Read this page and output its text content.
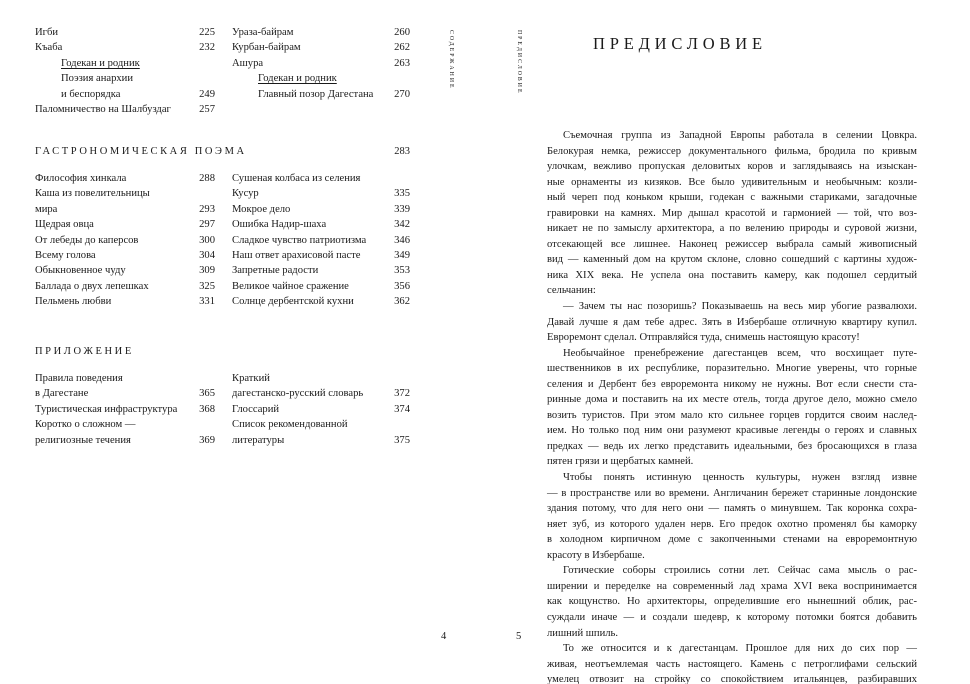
Игби	225
Къаба	232
Годекан и родник
Поэзия анархии
и беспорядка	249
Паломничество на Шалбуздаг	257
Ураза-байрам	260
Курбан-байрам	262
Ашура	263
Годекан и родник
Главный позор Дагестана 270
ГАСТРОНОМИЧЕСКАЯ ПОЭМА	283
Философия хинкала	288
Каша из повелительницы
мира	293
Щедрая овца	297
От лебеды до каперсов	300
Всему голова	304
Обыкновенное чуду	309
Баллада о двух лепешках	325
Пельмень любви	331
Сушеная колбаса из селения
Кусур	335
Мокрое дело	339
Ошибка Надир-шаха	342
Сладкое чувство патриотизма	346
Наш ответ арахисовой пасте	349
Запретные радости	353
Великое чайное сражение	356
Солнце дербентской кухни	362
ПРИЛОЖЕНИЕ
Правила поведения
в Дагестане	365
Туристическая инфраструктура 368
Коротко о сложном —
религиозные течения	369
Краткий
дагестанско-русский словарь	372
Глоссарий	374
Список рекомендованной
литературы	375
СОДЕРЖАНИЕ
4
ПРЕДИСЛОВИЕ	ПРЕДИСЛОВИЕ
Съемочная группа из Западной Европы работала в селении Цовкра.
Белокурая немка, режиссер документального фильма, бродила по кривым
улочкам, вежливо пропуская деловитых коров и заглядываясь на изыскан-
ные орнаменты из кизяков. Все было удивительным и необычным: козли-
ный череп под коньком крыши, годекан с важными стариками, загадочные
гравировки на камнях. Мир дышал красотой и гармонией — той, что воз-
никает не по замыслу архитектора, а по велению природы и суровой жизни,
отсекающей все лишнее. Наконец режиссер выбрала самый живописный
вид — каменный дом на крутом склоне, словно сошедший с картины худож-
ника XIX века. Не успела она поставить камеру, как подошел сердитый
сельчанин:
— Зачем ты нас позоришь? Показываешь на весь мир убогие развалюхи.
Давай лучше я дам тебе адрес. Зять в Избербаше отличную квартиру купил.
Евроремонт сделал. Отправляйся туда, снимешь настоящую красоту!
Необычайное пренебрежение дагестанцев всем, что восхищает путе-
шественников в их республике, поразительно. Многие уверены, что горные
селения и Дербент без евроремонта никому не нужны. Вот если снести ста-
ринные дома и поставить на их месте отель, тогда другое дело, можно смело
возить туристов. При этом мало кто сильнее горцев гордится своим наслед-
ием. Но только под ним они разумеют красивые легенды о героях и славных
предках — ведь их легко представить идеальными, без бросающихся в глаза
пятен грязи и щербатых камней.
Чтобы понять истинную ценность культуры, нужен взгляд извне
— в пространстве или во времени. Англичанин бережет старинные лондонские
здания потому, что для него они — память о минувшем. Так коронка сохра-
няет зуб, из которого удален нерв. Его предок охотно променял бы каморку
в холодном кирпичном доме с закопченными стенами на евроремонтную
красоту в Избербаше.
Готические соборы строились сотни лет. Сейчас сама мысль о рас-
ширении и переделке на современный лад храма XVI века воспринимается
как кощунство. Но архитекторы, определившие его нынешний облик, рас-
суждали иначе — и создали шедевр, к которому потомки боятся добавить
лишний шпиль.
То же относится и к дагестанцам. Прошлое для них до сих пор —
живая, неотъемлемая часть настоящего. Камень с петроглифами сельский
умелец отвозит на стройку со спокойствием итальянцев, разбиравших
5
